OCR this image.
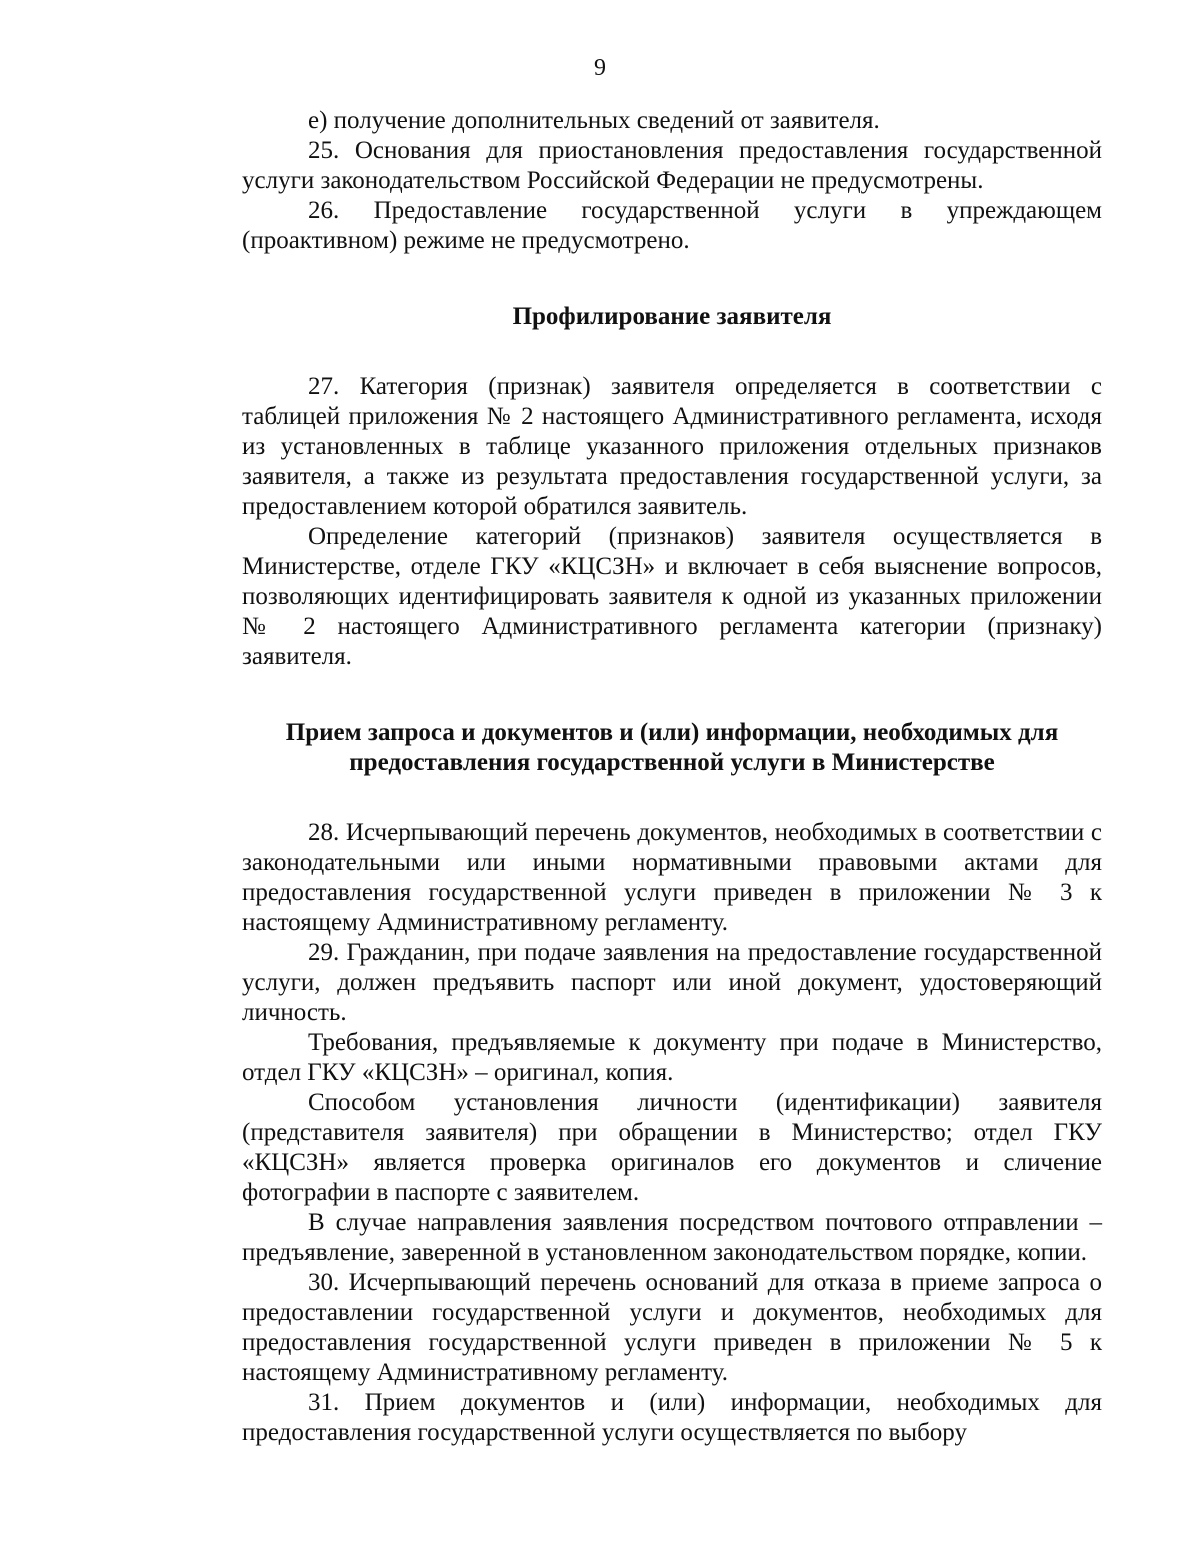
9

е) получение дополнительных сведений от заявителя.

25. Основания для приостановления предоставления государственной услуги законодательством Российской Федерации не предусмотрены.

26. Предоставление государственной услуги в упреждающем (проактивном) режиме не предусмотрено.

Профилирование заявителя

27. Категория (признак) заявителя определяется в соответствии с таблицей приложения № 2 настоящего Административного регламента, исходя из установленных в таблице указанного приложения отдельных признаков заявителя, а также из результата предоставления государственной услуги, за предоставлением которой обратился заявитель.

Определение категорий (признаков) заявителя осуществляется в Министерстве, отделе ГКУ «КЦСЗН» и включает в себя выяснение вопросов, позволяющих идентифицировать заявителя к одной из указанных приложении № 2 настоящего Административного регламента категории (признаку) заявителя.

Прием запроса и документов и (или) информации, необходимых для
предоставления государственной услуги в Министерстве

28. Исчерпывающий перечень документов, необходимых в соответствии с законодательными или иными нормативными правовыми актами для предоставления государственной услуги приведен в приложении № 3 к настоящему Административному регламенту.

29. Гражданин, при подаче заявления на предоставление государственной услуги, должен предъявить паспорт или иной документ, удостоверяющий личность.

Требования, предъявляемые к документу при подаче в Министерство, отдел ГКУ «КЦСЗН» – оригинал, копия.

Способом установления личности (идентификации) заявителя (представителя заявителя) при обращении в Министерство; отдел ГКУ «КЦСЗН» является проверка оригиналов его документов и сличение фотографии в паспорте с заявителем.

В случае направления заявления посредством почтового отправлении – предъявление, заверенной в установленном законодательством порядке, копии.

30. Исчерпывающий перечень оснований для отказа в приеме запроса о предоставлении государственной услуги и документов, необходимых для предоставления государственной услуги приведен в приложении № 5 к настоящему Административному регламенту.

31. Прием документов и (или) информации, необходимых для предоставления государственной услуги осуществляется по выбору
